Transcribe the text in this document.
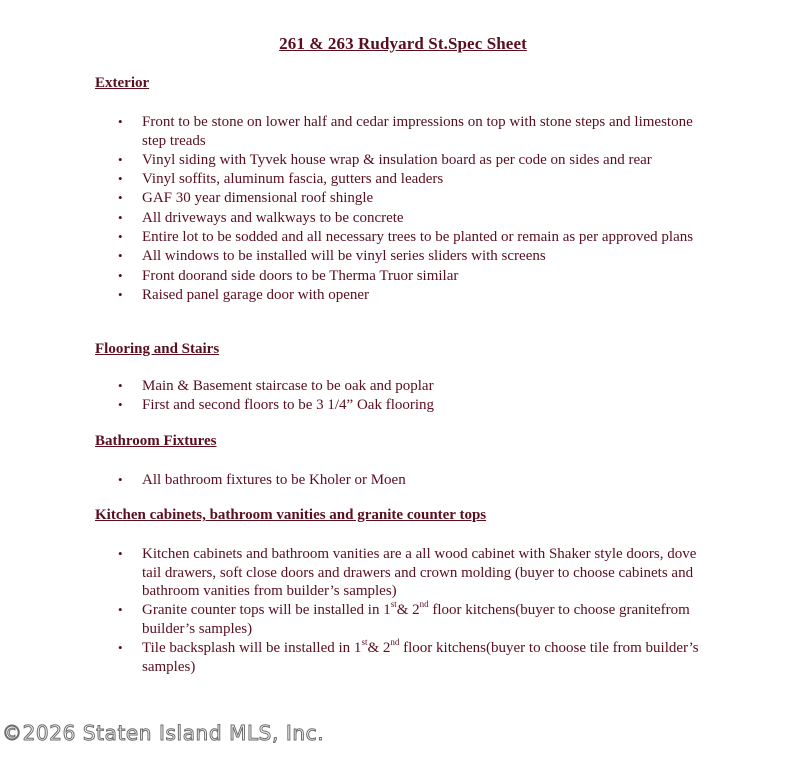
261 & 263 Rudyard St.Spec Sheet
Exterior
• Front to be stone on lower half and cedar impressions on top with stone steps and limestone step treads
• Vinyl siding with Tyvek house wrap & insulation board as per code on sides and rear
• Vinyl soffits, aluminum fascia, gutters and leaders
• GAF 30 year dimensional roof shingle
• All driveways and walkways to be concrete
• Entire lot to be sodded and all necessary trees to be planted or remain as per approved plans
• All windows to be installed will be vinyl series sliders with screens
• Front doorand side doors to be Therma Truor similar
• Raised panel garage door with opener
Flooring and Stairs
• Main & Basement staircase to be oak and poplar
• First and second floors to be 3 1/4” Oak flooring
Bathroom Fixtures
• All bathroom fixtures to be Kholer or Moen
Kitchen cabinets, bathroom vanities and granite counter tops
• Kitchen cabinets and bathroom vanities are a all wood cabinet with Shaker style doors, dove tail drawers, soft close doors and drawers and crown molding (buyer to choose cabinets and bathroom vanities from builder’s samples)
• Granite counter tops will be installed in 1st& 2nd floor kitchens(buyer to choose granitefrom builder’s samples)
• Tile backsplash will be installed in 1st& 2nd floor kitchens(buyer to choose tile from builder’s samples)
©2026 Staten Island MLS, Inc.
